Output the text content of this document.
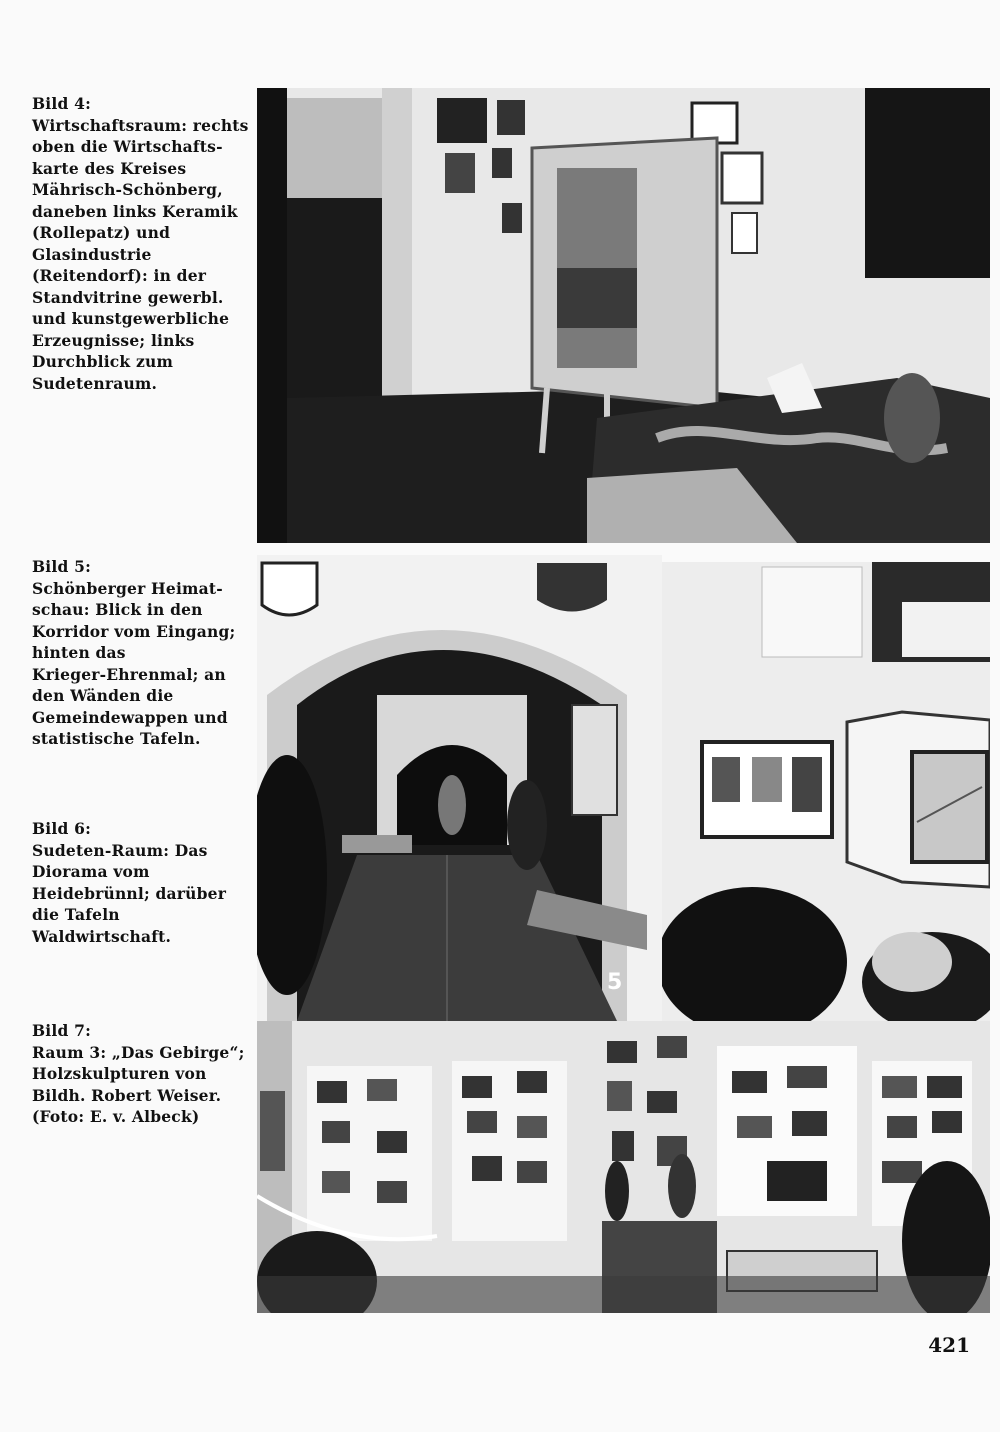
Bild 4:
Wirtschaftsraum: rechts
oben die Wirtschafts-
karte des Kreises
Mährisch-Schönberg,
daneben links Keramik
(Rollepatz) und
Glasindustrie
(Reitendorf): in der
Standvitrine gewerbl.
und kunstgewerbliche
Erzeugnisse; links
Durchblick zum
Sudetenraum.
Bild 5:
Schönberger Heimat-
schau: Blick in den
Korridor vom Eingang;
hinten das
Krieger-Ehrenmal; an
den Wänden die
Gemeindewappen und
statistische Tafeln.
Bild 6:
Sudeten-Raum: Das
Diorama vom
Heidebrünnl; darüber
die Tafeln
Waldwirtschaft.
Bild 7:
Raum 3: „Das Gebirge“;
Holzskulpturen von
Bildh. Robert Weiser.
(Foto: E. v. Albeck)
5
421
